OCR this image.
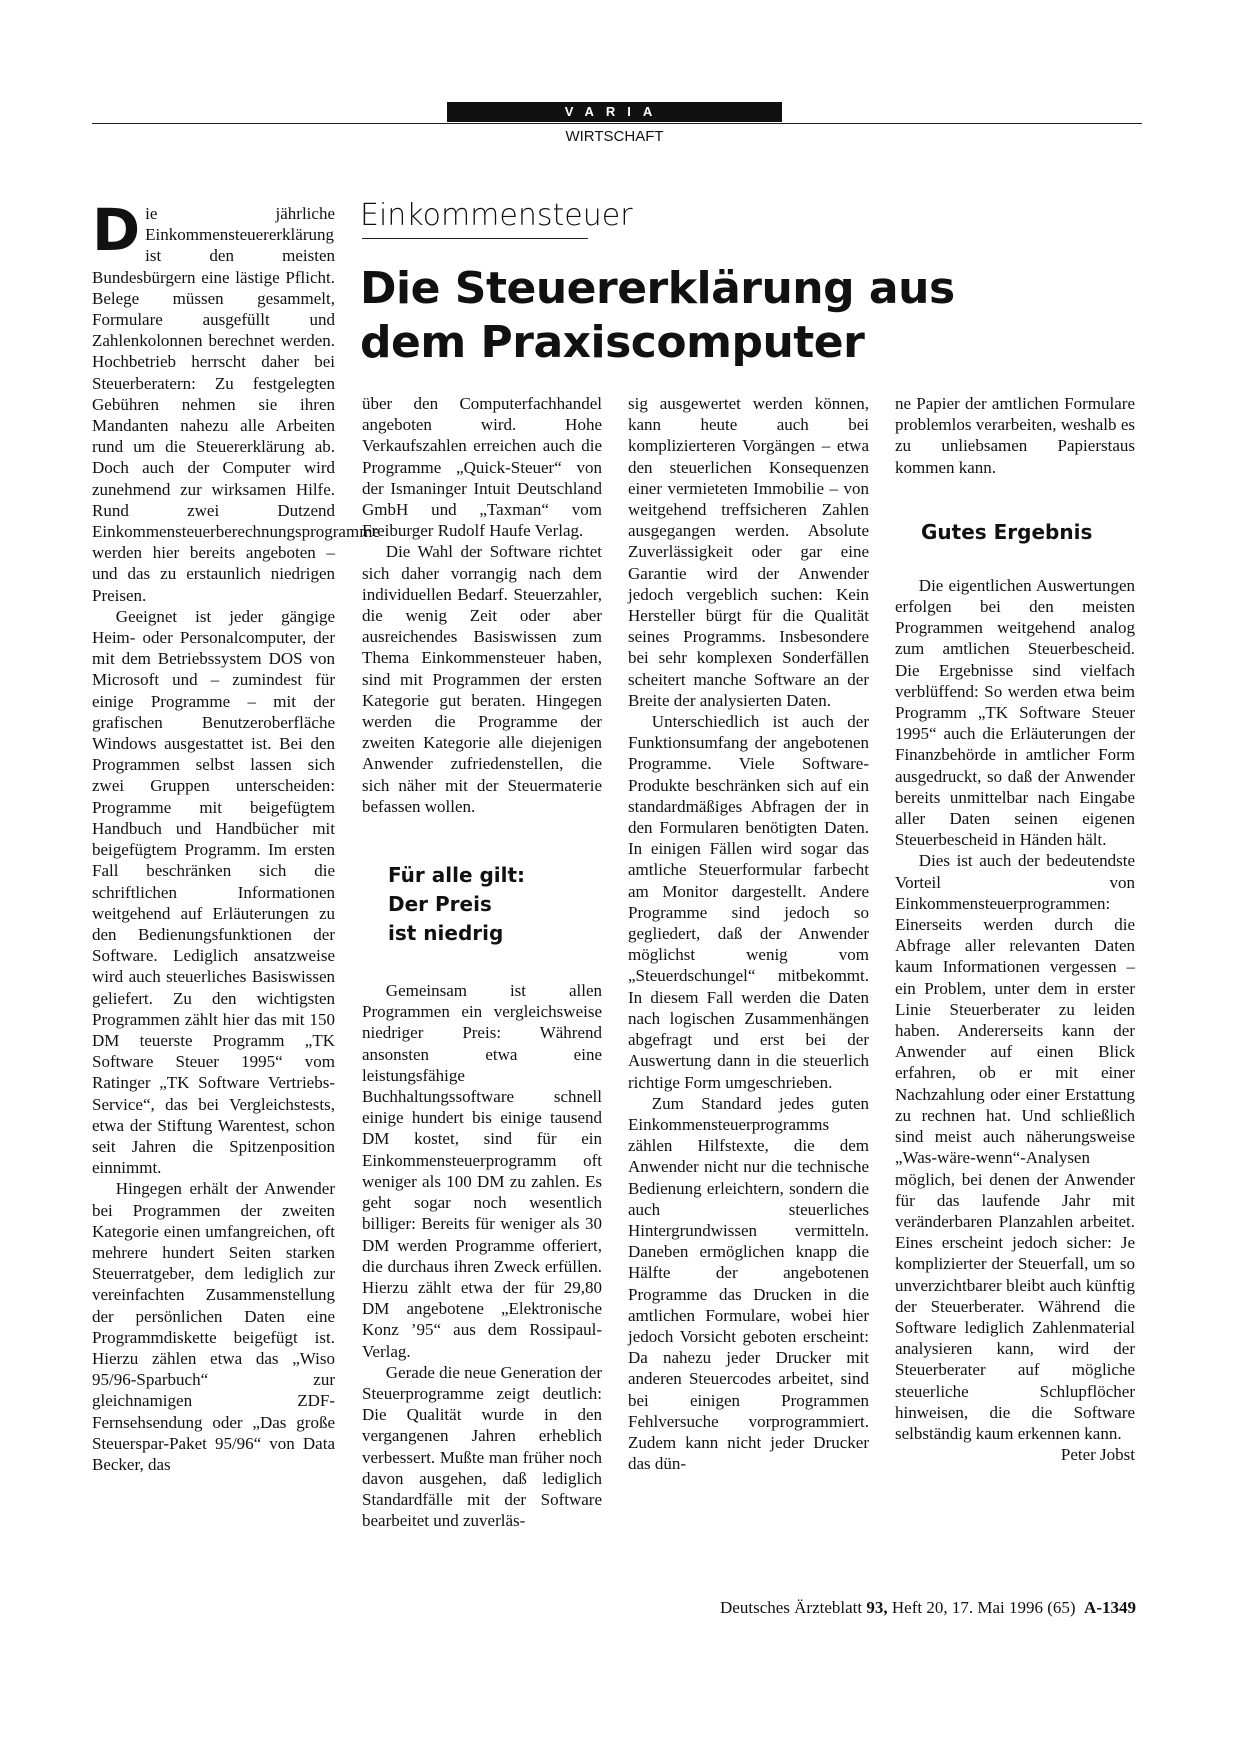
VARIA
WIRTSCHAFT
Einkommensteuer
Die Steuererklärung aus
dem Praxiscomputer

Die jährliche Einkommensteuererklärung ist den meisten Bundesbürgern eine lästige Pflicht. Belege müssen gesammelt, Formulare ausgefüllt und Zahlenkolonnen berechnet werden. Hochbetrieb herrscht daher bei Steuerberatern: Zu festgelegten Gebühren nehmen sie ihren Mandanten nahezu alle Arbeiten rund um die Steuererklärung ab. Doch auch der Computer wird zunehmend zur wirksamen Hilfe. Rund zwei Dutzend Einkommensteuerberechnungsprogramme werden hier bereits angeboten – und das zu erstaunlich niedrigen Preisen.

Geeignet ist jeder gängige Heim- oder Personalcomputer, der mit dem Betriebssystem DOS von Microsoft und – zumindest für einige Programme – mit der grafischen Benutzeroberfläche Windows ausgestattet ist. Bei den Programmen selbst lassen sich zwei Gruppen unterscheiden: Programme mit beigefügtem Handbuch und Handbücher mit beigefügtem Programm. Im ersten Fall beschränken sich die schriftlichen Informationen weitgehend auf Erläuterungen zu den Bedienungsfunktionen der Software. Lediglich ansatzweise wird auch steuerliches Basiswissen geliefert. Zu den wichtigsten Programmen zählt hier das mit 150 DM teuerste Programm „TK Software Steuer 1995“ vom Ratinger „TK Software Vertriebs-Service“, das bei Vergleichstests, etwa der Stiftung Warentest, schon seit Jahren die Spitzenposition einnimmt.

Hingegen erhält der Anwender bei Programmen der zweiten Kategorie einen umfangreichen, oft mehrere hundert Seiten starken Steuerratgeber, dem lediglich zur vereinfachten Zusammenstellung der persönlichen Daten eine Programmdiskette beigefügt ist. Hierzu zählen etwa das „Wiso 95/96-Sparbuch“ zur gleichnamigen ZDF-Fernsehsendung oder „Das große Steuerspar-Paket 95/96“ von Data Becker, das

über den Computerfachhandel angeboten wird. Hohe Verkaufszahlen erreichen auch die Programme „Quick-Steuer“ von der Ismaninger Intuit Deutschland GmbH und „Taxman“ vom Freiburger Rudolf Haufe Verlag.

Die Wahl der Software richtet sich daher vorrangig nach dem individuellen Bedarf. Steuerzahler, die wenig Zeit oder aber ausreichendes Basiswissen zum Thema Einkommensteuer haben, sind mit Programmen der ersten Kategorie gut beraten. Hingegen werden die Programme der zweiten Kategorie alle diejenigen Anwender zufriedenstellen, die sich näher mit der Steuermaterie befassen wollen.

Für alle gilt:
Der Preis
ist niedrig

Gemeinsam ist allen Programmen ein vergleichsweise niedriger Preis: Während ansonsten etwa eine leistungsfähige Buchhaltungssoftware schnell einige hundert bis einige tausend DM kostet, sind für ein Einkommensteuerprogramm oft weniger als 100 DM zu zahlen. Es geht sogar noch wesentlich billiger: Bereits für weniger als 30 DM werden Programme offeriert, die durchaus ihren Zweck erfüllen. Hierzu zählt etwa der für 29,80 DM angebotene „Elektronische Konz ’95“ aus dem Rossipaul-Verlag.

Gerade die neue Generation der Steuerprogramme zeigt deutlich: Die Qualität wurde in den vergangenen Jahren erheblich verbessert. Mußte man früher noch davon ausgehen, daß lediglich Standardfälle mit der Software bearbeitet und zuverläs-

sig ausgewertet werden können, kann heute auch bei komplizierteren Vorgängen – etwa den steuerlichen Konsequenzen einer vermieteten Immobilie – von weitgehend treffsicheren Zahlen ausgegangen werden. Absolute Zuverlässigkeit oder gar eine Garantie wird der Anwender jedoch vergeblich suchen: Kein Hersteller bürgt für die Qualität seines Programms. Insbesondere bei sehr komplexen Sonderfällen scheitert manche Software an der Breite der analysierten Daten.

Unterschiedlich ist auch der Funktionsumfang der angebotenen Programme. Viele Software-Produkte beschränken sich auf ein standardmäßiges Abfragen der in den Formularen benötigten Daten. In einigen Fällen wird sogar das amtliche Steuerformular farbecht am Monitor dargestellt. Andere Programme sind jedoch so gegliedert, daß der Anwender möglichst wenig vom „Steuerdschungel“ mitbekommt. In diesem Fall werden die Daten nach logischen Zusammenhängen abgefragt und erst bei der Auswertung dann in die steuerlich richtige Form umgeschrieben.

Zum Standard jedes guten Einkommensteuerprogramms zählen Hilfstexte, die dem Anwender nicht nur die technische Bedienung erleichtern, sondern die auch steuerliches Hintergrundwissen vermitteln. Daneben ermöglichen knapp die Hälfte der angebotenen Programme das Drucken in die amtlichen Formulare, wobei hier jedoch Vorsicht geboten erscheint: Da nahezu jeder Drucker mit anderen Steuercodes arbeitet, sind bei einigen Programmen Fehlversuche vorprogrammiert. Zudem kann nicht jeder Drucker das dün-

ne Papier der amtlichen Formulare problemlos verarbeiten, weshalb es zu unliebsamen Papierstaus kommen kann.

Gutes Ergebnis

Die eigentlichen Auswertungen erfolgen bei den meisten Programmen weitgehend analog zum amtlichen Steuerbescheid. Die Ergebnisse sind vielfach verblüffend: So werden etwa beim Programm „TK Software Steuer 1995“ auch die Erläuterungen der Finanzbehörde in amtlicher Form ausgedruckt, so daß der Anwender bereits unmittelbar nach Eingabe aller Daten seinen eigenen Steuerbescheid in Händen hält.

Dies ist auch der bedeutendste Vorteil von Einkommensteuerprogrammen: Einerseits werden durch die Abfrage aller relevanten Daten kaum Informationen vergessen – ein Problem, unter dem in erster Linie Steuerberater zu leiden haben. Andererseits kann der Anwender auf einen Blick erfahren, ob er mit einer Nachzahlung oder einer Erstattung zu rechnen hat. Und schließlich sind meist auch näherungsweise „Was-wäre-wenn“-Analysen möglich, bei denen der Anwender für das laufende Jahr mit veränderbaren Planzahlen arbeitet. Eines erscheint jedoch sicher: Je komplizierter der Steuerfall, um so unverzichtbarer bleibt auch künftig der Steuerberater. Während die Software lediglich Zahlenmaterial analysieren kann, wird der Steuerberater auf mögliche steuerliche Schlupflöcher hinweisen, die die Software selbständig kaum erkennen kann.
Peter Jobst

Deutsches Ärzteblatt 93, Heft 20, 17. Mai 1996 (65) A-1349
